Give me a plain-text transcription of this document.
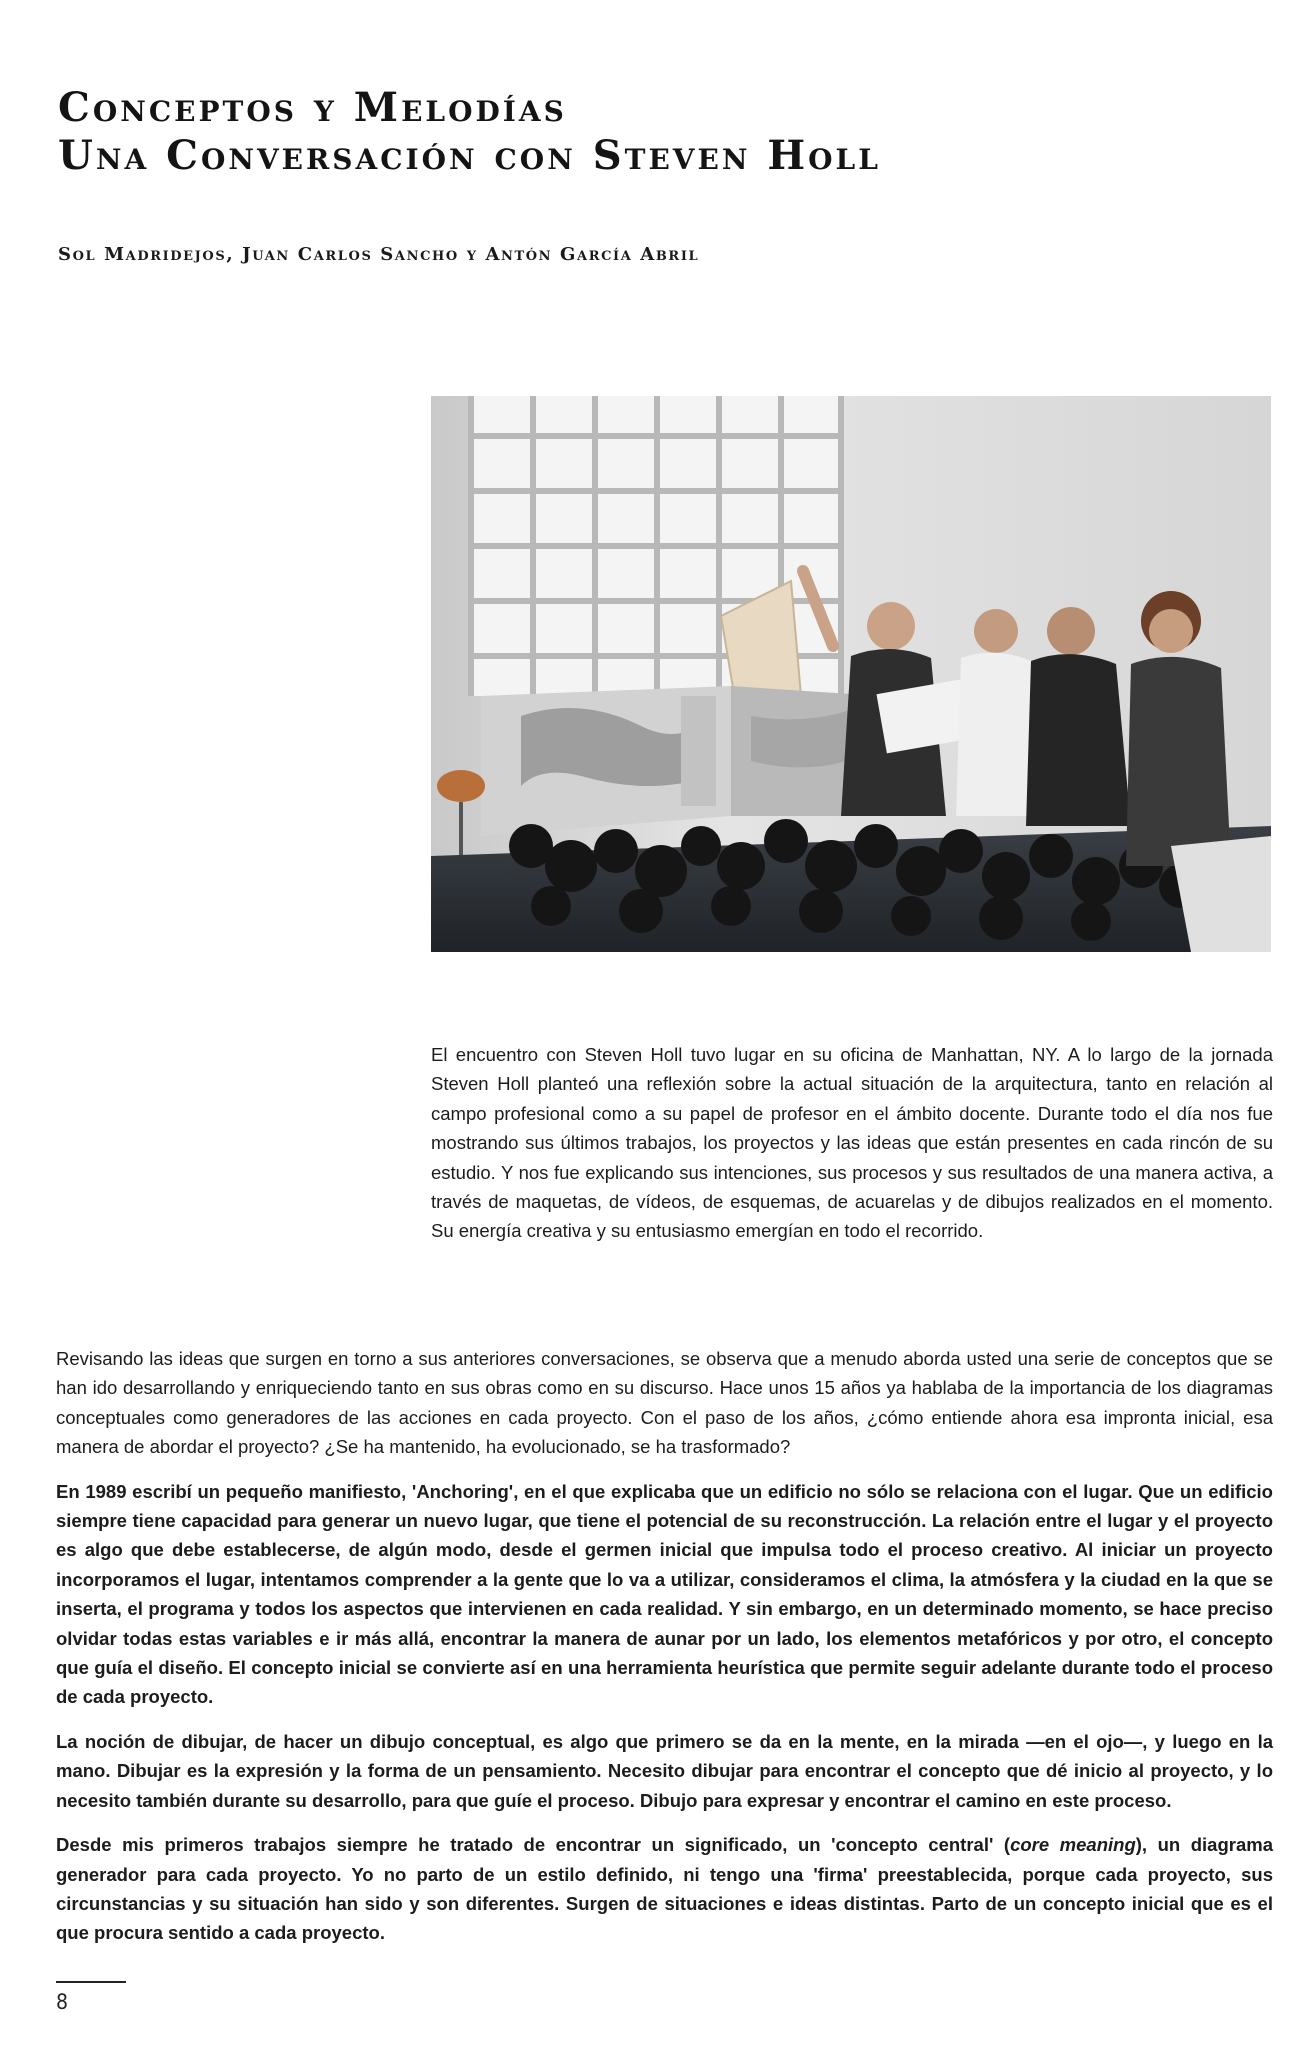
Conceptos y Melodías
Una Conversación con Steven Holl

Sol Madridejos, Juan Carlos Sancho y Antón García Abril

El encuentro con Steven Holl tuvo lugar en su oficina de Manhattan, NY. A lo largo de la jornada Steven Holl planteó una reflexión sobre la actual situación de la arquitectura, tanto en relación al campo profesional como a su papel de profesor en el ámbito docente. Durante todo el día nos fue mostrando sus últimos trabajos, los proyectos y las ideas que están presentes en cada rincón de su estudio. Y nos fue explicando sus intenciones, sus procesos y sus resultados de una manera activa, a través de maquetas, de vídeos, de esquemas, de acuarelas y de dibujos realizados en el momento. Su energía creativa y su entusiasmo emergían en todo el recorrido.

Revisando las ideas que surgen en torno a sus anteriores conversaciones, se observa que a menudo aborda usted una serie de conceptos que se han ido desarrollando y enriqueciendo tanto en sus obras como en su discurso. Hace unos 15 años ya hablaba de la importancia de los diagramas conceptuales como generadores de las acciones en cada proyecto. Con el paso de los años, ¿cómo entiende ahora esa impronta inicial, esa manera de abordar el proyecto? ¿Se ha mantenido, ha evolucionado, se ha trasformado?

En 1989 escribí un pequeño manifiesto, 'Anchoring', en el que explicaba que un edificio no sólo se relaciona con el lugar. Que un edificio siempre tiene capacidad para generar un nuevo lugar, que tiene el potencial de su reconstrucción. La relación entre el lugar y el proyecto es algo que debe establecerse, de algún modo, desde el germen inicial que impulsa todo el proceso creativo. Al iniciar un proyecto incorporamos el lugar, intentamos comprender a la gente que lo va a utilizar, consideramos el clima, la atmósfera y la ciudad en la que se inserta, el programa y todos los aspectos que intervienen en cada realidad. Y sin embargo, en un determinado momento, se hace preciso olvidar todas estas variables e ir más allá, encontrar la manera de aunar por un lado, los elementos metafóricos y por otro, el concepto que guía el diseño. El concepto inicial se convierte así en una herramienta heurística que permite seguir adelante durante todo el proceso de cada proyecto.

La noción de dibujar, de hacer un dibujo conceptual, es algo que primero se da en la mente, en la mirada —en el ojo—, y luego en la mano. Dibujar es la expresión y la forma de un pensamiento. Necesito dibujar para encontrar el concepto que dé inicio al proyecto, y lo necesito también durante su desarrollo, para que guíe el proceso. Dibujo para expresar y encontrar el camino en este proceso.

Desde mis primeros trabajos siempre he tratado de encontrar un significado, un 'concepto central' (core meaning), un diagrama generador para cada proyecto. Yo no parto de un estilo definido, ni tengo una 'firma' preestablecida, porque cada proyecto, sus circunstancias y su situación han sido y son diferentes. Surgen de situaciones e ideas distintas. Parto de un concepto inicial que es el que procura sentido a cada proyecto.

8
